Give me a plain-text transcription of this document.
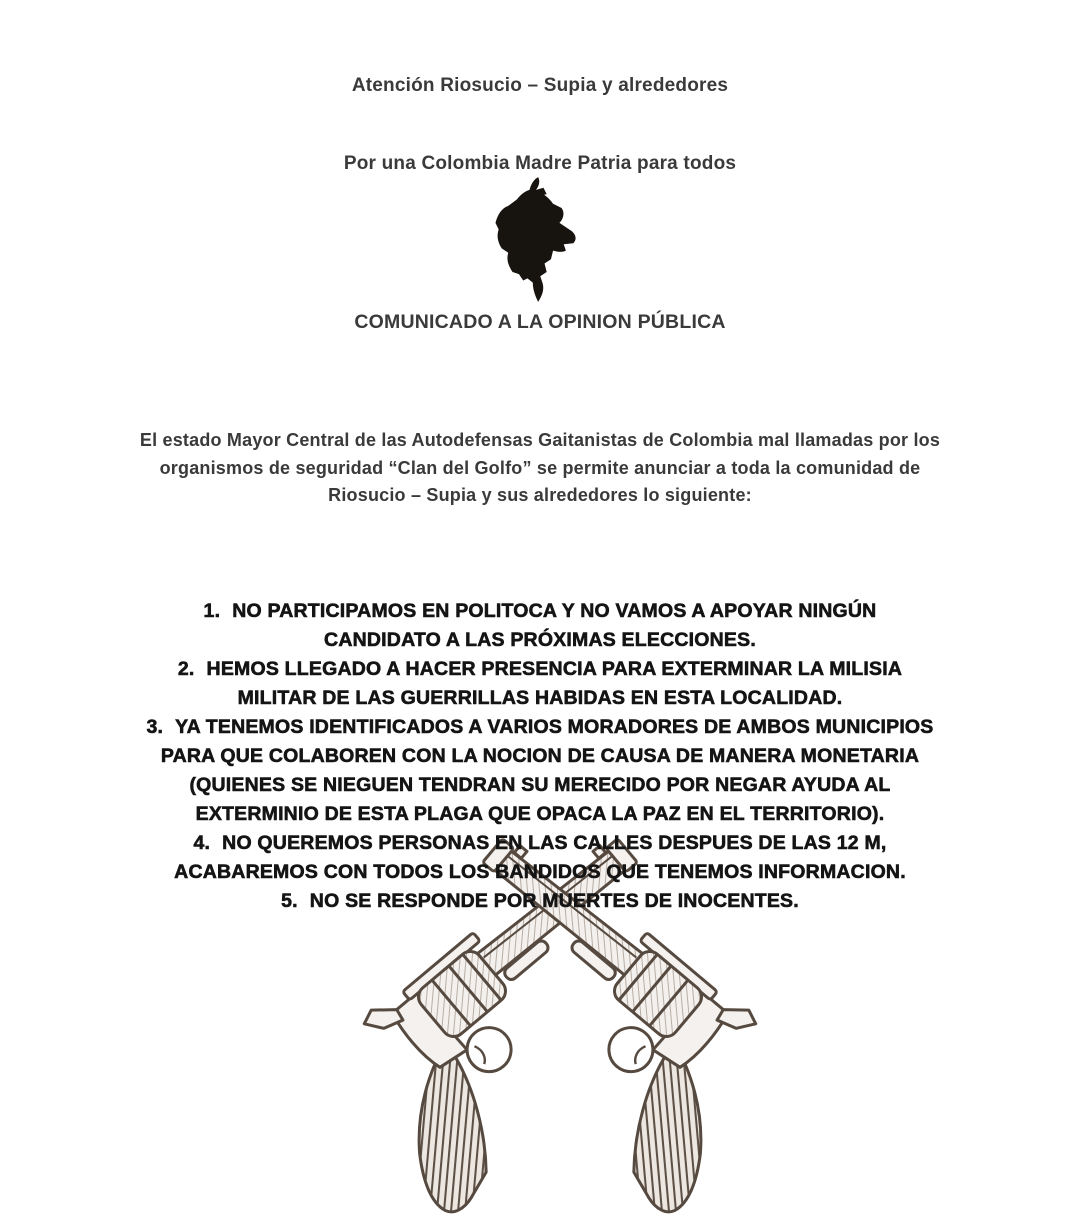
Atención Riosucio – Supia y alrededores
Por una Colombia Madre Patria para todos
COMUNICADO A LA OPINION PÚBLICA

El estado Mayor Central de las Autodefensas Gaitanistas de Colombia mal llamadas por los organismos de seguridad “Clan del Golfo” se permite anunciar a toda la comunidad de Riosucio – Supia y sus alrededores lo siguiente:

1. NO PARTICIPAMOS EN POLITOCA Y NO VAMOS A APOYAR NINGÚN CANDIDATO A LAS PRÓXIMAS ELECCIONES.

2. HEMOS LLEGADO A HACER PRESENCIA PARA EXTERMINAR LA MILISIA MILITAR DE LAS GUERRILLAS HABIDAS EN ESTA LOCALIDAD.

3. YA TENEMOS IDENTIFICADOS A VARIOS MORADORES DE AMBOS MUNICIPIOS PARA QUE COLABOREN CON LA NOCION DE CAUSA DE MANERA MONETARIA (QUIENES SE NIEGUEN TENDRAN SU MERECIDO POR NEGAR AYUDA AL EXTERMINIO DE ESTA PLAGA QUE OPACA LA PAZ EN EL TERRITORIO).

4. NO QUEREMOS PERSONAS EN LAS CALLES DESPUES DE LAS 12 M, ACABAREMOS CON TODOS LOS BANDIDOS QUE TENEMOS INFORMACION.

5. NO SE RESPONDE POR MUERTES DE INOCENTES.
